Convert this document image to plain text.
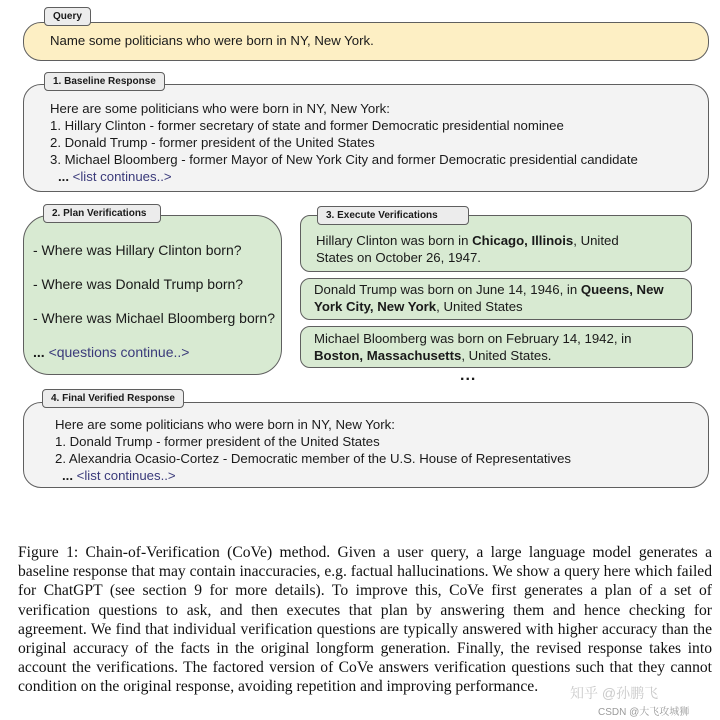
Query
Name some politicians who were born in NY, New York.
1. Baseline Response
Here are some politicians who were born in NY, New York:
1. Hillary Clinton - former secretary of state and former Democratic presidential nominee
2. Donald Trump - former president of the United States
3. Michael Bloomberg - former Mayor of New York City and former Democratic presidential candidate
... <list continues..>
2. Plan Verifications
- Where was Hillary Clinton born?
- Where was Donald Trump born?
- Where was Michael Bloomberg born?
... <questions continue..>
3. Execute Verifications
Hillary Clinton was born in Chicago, Illinois, United States on October 26, 1947.
Donald Trump was born on June 14, 1946, in Queens, New York City, New York, United States
Michael Bloomberg was born on February 14, 1942, in Boston, Massachusetts, United States.
...
4. Final Verified Response
Here are some politicians who were born in NY, New York:
1. Donald Trump - former president of the United States
2. Alexandria Ocasio-Cortez - Democratic member of the U.S. House of Representatives
... <list continues..>
Figure 1: Chain-of-Verification (CoVe) method. Given a user query, a large language model generates a baseline response that may contain inaccuracies, e.g. factual hallucinations. We show a query here which failed for ChatGPT (see section 9 for more details). To improve this, CoVe first generates a plan of a set of verification questions to ask, and then executes that plan by answering them and hence checking for agreement. We find that individual verification questions are typically answered with higher accuracy than the original accuracy of the facts in the original longform generation. Finally, the revised response takes into account the verifications. The factored version of CoVe answers verification questions such that they cannot condition on the original response, avoiding repetition and improving performance.	知乎 @孙鹏飞
CSDN @大飞攻城狮
